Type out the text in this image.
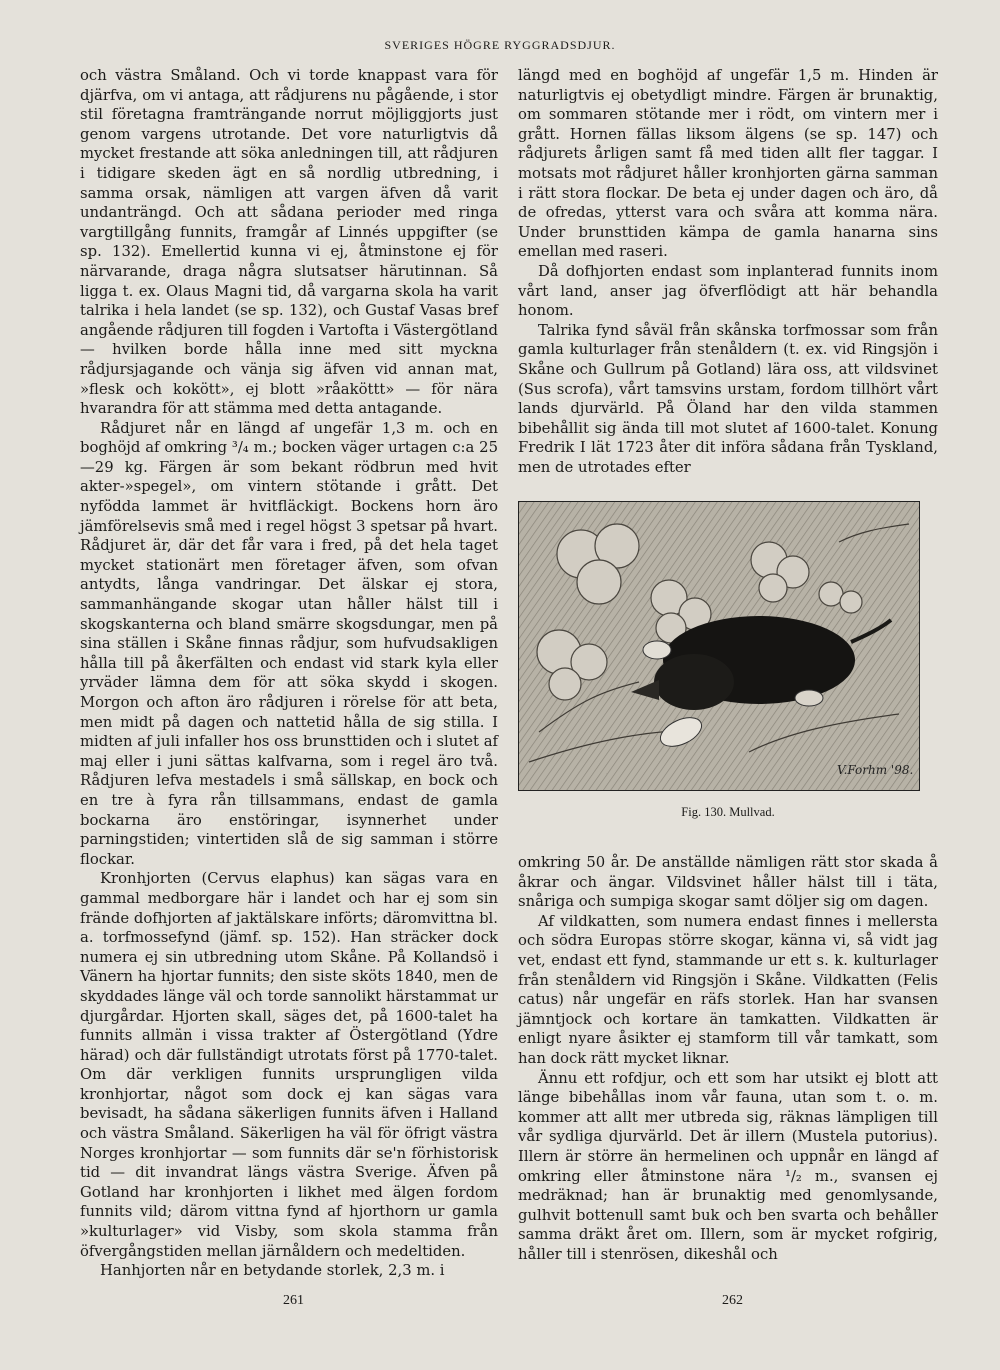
SVERIGES HÖGRE RYGGRADSDJUR.

och västra Småland. Och vi torde knappast vara för djärfva, om vi antaga, att rådjurens nu pågående, i stor stil företagna framträngande norrut möjliggjorts just genom vargens utrotande. Det vore naturligtvis då mycket frestande att söka anledningen till, att rådjuren i tidigare skeden ägt en så nordlig utbredning, i samma orsak, nämligen att vargen äfven då varit undanträngd. Och att sådana perioder med ringa vargtillgång funnits, framgår af Linnés uppgifter (se sp. 132). Emellertid kunna vi ej, åtminstone ej för närvarande, draga några slutsatser härutinnan. Så ligga t. ex. Olaus Magni tid, då vargarna skola ha varit talrika i hela landet (se sp. 132), och Gustaf Vasas bref angående rådjuren till fogden i Vartofta i Västergötland — hvilken borde hålla inne med sitt myckna rådjursjagande och vänja sig äfven vid annan mat, »flesk och kokött», ej blott »råaköttt» — för nära hvarandra för att stämma med detta antagande.

Rådjuret når en längd af ungefär 1,3 m. och en boghöjd af omkring ³/₄ m.; bocken väger urtagen c:a 25—29 kg. Färgen är som bekant rödbrun med hvit akter-»spegel», om vintern stötande i grått. Det nyfödda lammet är hvitfläckigt. Bockens horn äro jämförelsevis små med i regel högst 3 spetsar på hvart. Rådjuret är, där det får vara i fred, på det hela taget mycket stationärt men företager äfven, som ofvan antydts, långa vandringar. Det älskar ej stora, sammanhängande skogar utan håller hälst till i skogskanterna och bland smärre skogsdungar, men på sina ställen i Skåne finnas rådjur, som hufvudsakligen hålla till på åkerfälten och endast vid stark kyla eller yrväder lämna dem för att söka skydd i skogen. Morgon och afton äro rådjuren i rörelse för att beta, men midt på dagen och nattetid hålla de sig stilla. I midten af juli infaller hos oss brunsttiden och i slutet af maj eller i juni sättas kalfvarna, som i regel äro två. Rådjuren lefva mestadels i små sällskap, en bock och en tre à fyra rån tillsammans, endast de gamla bockarna äro enstöringar, isynnerhet under parningstiden; vintertiden slå de sig samman i större flockar.

Kronhjorten (Cervus elaphus) kan sägas vara en gammal medborgare här i landet och har ej som sin frände dofhjorten af jaktälskare införts; däromvittna bl. a. torfmossefynd (jämf. sp. 152). Han sträcker dock numera ej sin utbredning utom Skåne. På Kollandsö i Vänern ha hjortar funnits; den siste sköts 1840, men de skyddades länge väl och torde sannolikt härstammat ur djurgårdar. Hjorten skall, säges det, på 1600-talet ha funnits allmän i vissa trakter af Östergötland (Ydre härad) och där fullständigt utrotats först på 1770-talet. Om där verkligen funnits ursprungligen vilda kronhjortar, något som dock ej kan sägas vara bevisadt, ha sådana säkerligen funnits äfven i Halland och västra Småland. Säkerligen ha väl för öfrigt västra Norges kronhjortar — som funnits där se'n förhistorisk tid — dit invandrat längs västra Sverige. Äfven på Gotland har kronhjorten i likhet med älgen fordom funnits vild; därom vittna fynd af hjorthorn ur gamla »kulturlager» vid Visby, som skola stamma från öfvergångstiden mellan järnåldern och medeltiden.

Hanhjorten når en betydande storlek, 2,3 m. i

längd med en boghöjd af ungefär 1,5 m. Hinden är naturligtvis ej obetydligt mindre. Färgen är brunaktig, om sommaren stötande mer i rödt, om vintern mer i grått. Hornen fällas liksom älgens (se sp. 147) och rådjurets årligen samt få med tiden allt fler taggar. I motsats mot rådjuret håller kronhjorten gärna samman i rätt stora flockar. De beta ej under dagen och äro, då de ofredas, ytterst vara och svåra att komma nära. Under brunsttiden kämpa de gamla hanarna sins emellan med raseri.

Då dofhjorten endast som inplanterad funnits inom vårt land, anser jag öfverflödigt att här behandla honom.

Talrika fynd såväl från skånska torfmossar som från gamla kulturlager från stenåldern (t. ex. vid Ringsjön i Skåne och Gullrum på Gotland) lära oss, att vildsvinet (Sus scrofa), vårt tamsvins urstam, fordom tillhört vårt lands djurvärld. På Öland har den vilda stammen bibehållit sig ända till mot slutet af 1600-talet. Konung Fredrik I lät 1723 åter dit införa sådana från Tyskland, men de utrotades efter

V.Forhm '98.
Fig. 130. Mullvad.

omkring 50 år. De anställde nämligen rätt stor skada å åkrar och ängar. Vildsvinet håller hälst till i täta, snåriga och sumpiga skogar samt döljer sig om dagen.

Af vildkatten, som numera endast finnes i mellersta och södra Europas större skogar, känna vi, så vidt jag vet, endast ett fynd, stammande ur ett s. k. kulturlager från stenåldern vid Ringsjön i Skåne. Vildkatten (Felis catus) når ungefär en räfs storlek. Han har svansen jämntjock och kortare än tamkatten. Vildkatten är enligt nyare åsikter ej stamform till vår tamkatt, som han dock rätt mycket liknar.

Ännu ett rofdjur, och ett som har utsikt ej blott att länge bibehållas inom vår fauna, utan som t. o. m. kommer att allt mer utbreda sig, räknas lämpligen till vår sydliga djurvärld. Det är illern (Mustela putorius). Illern är större än hermelinen och uppnår en längd af omkring eller åtminstone nära ¹/₂ m., svansen ej medräknad; han är brunaktig med genomlysande, gulhvit bottenull samt buk och ben svarta och behåller samma dräkt året om. Illern, som är mycket rofgirig, håller till i stenrösen, dikeshål och

261	262
